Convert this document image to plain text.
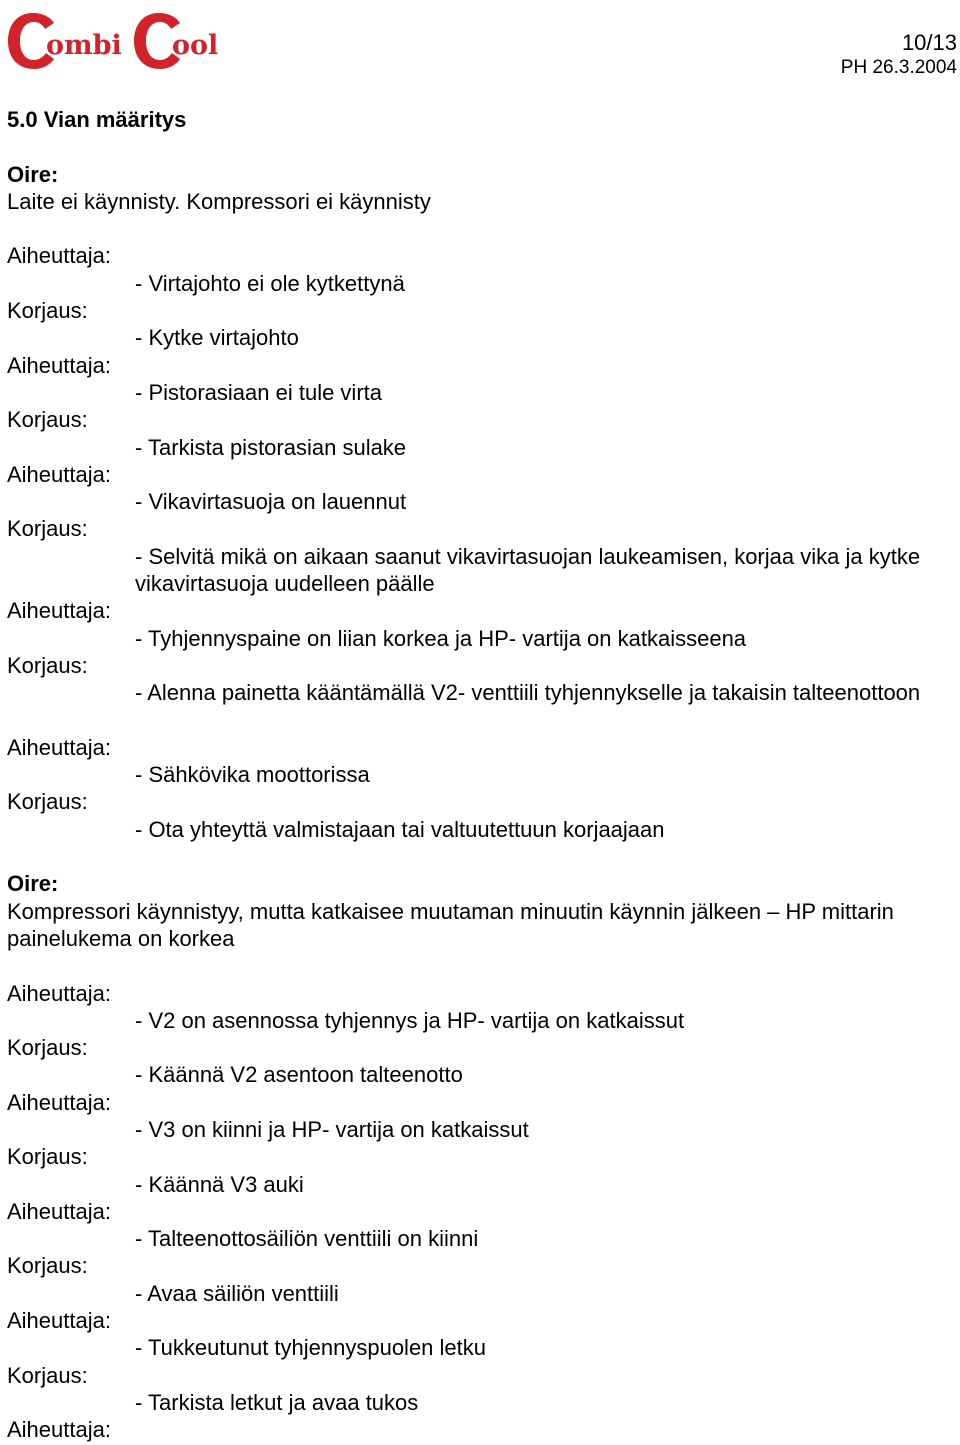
ombi ool	10/13
PH 26.3.2004

5.0 Vian määritys

Oire:

Laite ei käynnisty. Kompressori ei käynnisty

Aiheuttaja:
- Virtajohto ei ole kytkettynä
Korjaus:
- Kytke virtajohto
Aiheuttaja:
- Pistorasiaan ei tule virta
Korjaus:
- Tarkista pistorasian sulake
Aiheuttaja:
- Vikavirtasuoja on lauennut
Korjaus:
- Selvitä mikä on aikaan saanut vikavirtasuojan laukeamisen, korjaa vika ja kytke vikavirtasuoja uudelleen päälle
Aiheuttaja:
- Tyhjennyspaine on liian korkea ja HP- vartija on katkaisseena
Korjaus:
- Alenna painetta kääntämällä V2- venttiili tyhjennykselle ja takaisin talteenottoon
Aiheuttaja:
- Sähkövika moottorissa
Korjaus:
- Ota yhteyttä valmistajaan tai valtuutettuun korjaajaan

Oire:

Kompressori käynnistyy, mutta katkaisee muutaman minuutin käynnin jälkeen – HP mittarin painelukema on korkea

Aiheuttaja:
- V2 on asennossa tyhjennys ja HP- vartija on katkaissut
Korjaus:
- Käännä V2 asentoon talteenotto
Aiheuttaja:
- V3 on kiinni ja HP- vartija on katkaissut
Korjaus:
- Käännä V3 auki
Aiheuttaja:
- Talteenottosäiliön venttiili on kiinni
Korjaus:
- Avaa säiliön venttiili
Aiheuttaja:
- Tukkeutunut tyhjennyspuolen letku
Korjaus:
- Tarkista letkut ja avaa tukos
Aiheuttaja:
